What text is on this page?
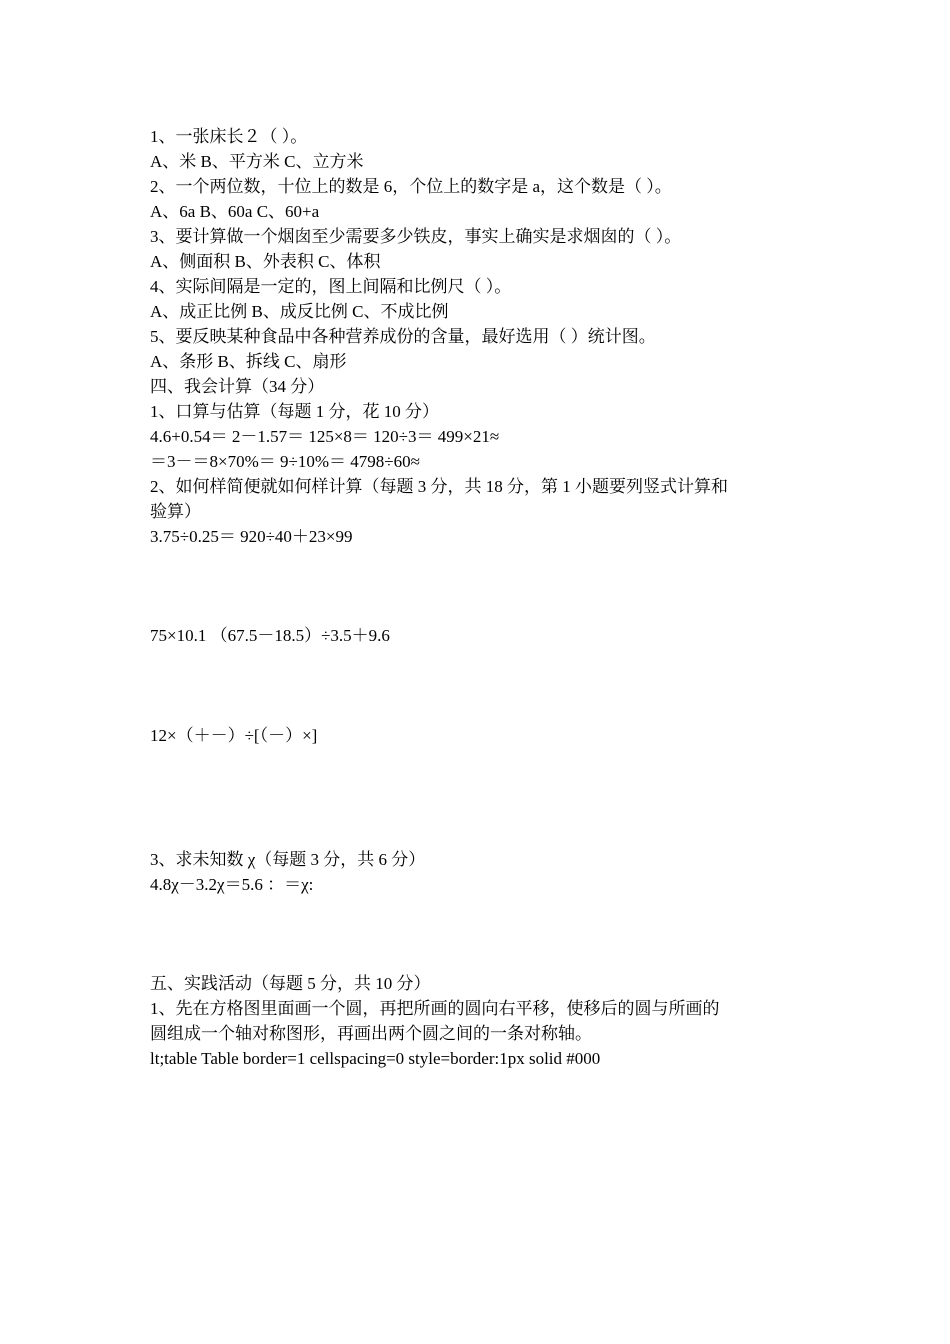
1、一张床长２（ ）。
A、米 B、平方米 C、立方米
2、一个两位数，十位上的数是 6，个位上的数字是 a，这个数是（ ）。
A、6a B、60a C、60+a
3、要计算做一个烟囱至少需要多少铁皮，事实上确实是求烟囱的（ ）。
A、侧面积 B、外表积 C、体积
4、实际间隔是一定的，图上间隔和比例尺（ ）。
A、成正比例 B、成反比例 C、不成比例
5、要反映某种食品中各种营养成份的含量，最好选用（ ）统计图。
A、条形 B、拆线 C、扇形
四、我会计算（34 分）
1、口算与估算（每题 1 分，花 10 分）
4.6+0.54＝ 2－1.57＝ 125×8＝ 120÷3＝ 499×21≈
＝3－＝8×70%＝ 9÷10%＝ 4798÷60≈
2、如何样简便就如何样计算（每题 3 分，共 18 分，第 1 小题要列竖式计算和
验算）
3.75÷0.25＝ 920÷40＋23×99
75×10.1 （67.5－18.5）÷3.5＋9.6
12×（＋－）÷[（－）×]
3、求未知数 χ（每题 3 分，共 6 分）
4.8χ－3.2χ＝5.6 ：＝χ:
五、实践活动（每题 5 分，共 10 分）
1、先在方格图里面画一个圆，再把所画的圆向右平移，使移后的圆与所画的
圆组成一个轴对称图形，再画出两个圆之间的一条对称轴。
lt;table Table border=1 cellspacing=0 style=border:1px solid #000
